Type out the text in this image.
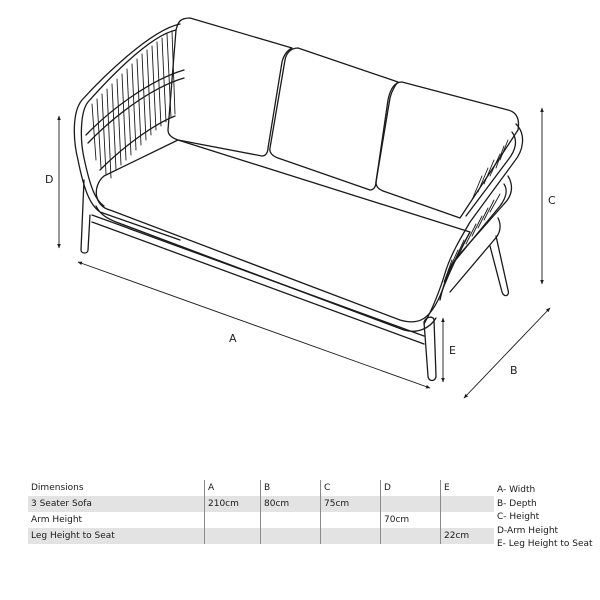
A
B
C
D
E
Dimensions	A	B	C	D	E
3 Seater Sofa	210cm	80cm	75cm		
Arm Height				70cm	
Leg Height to Seat					22cm
A- Width
B- Depth
C- Height
D-Arm Height
E- Leg Height to Seat
